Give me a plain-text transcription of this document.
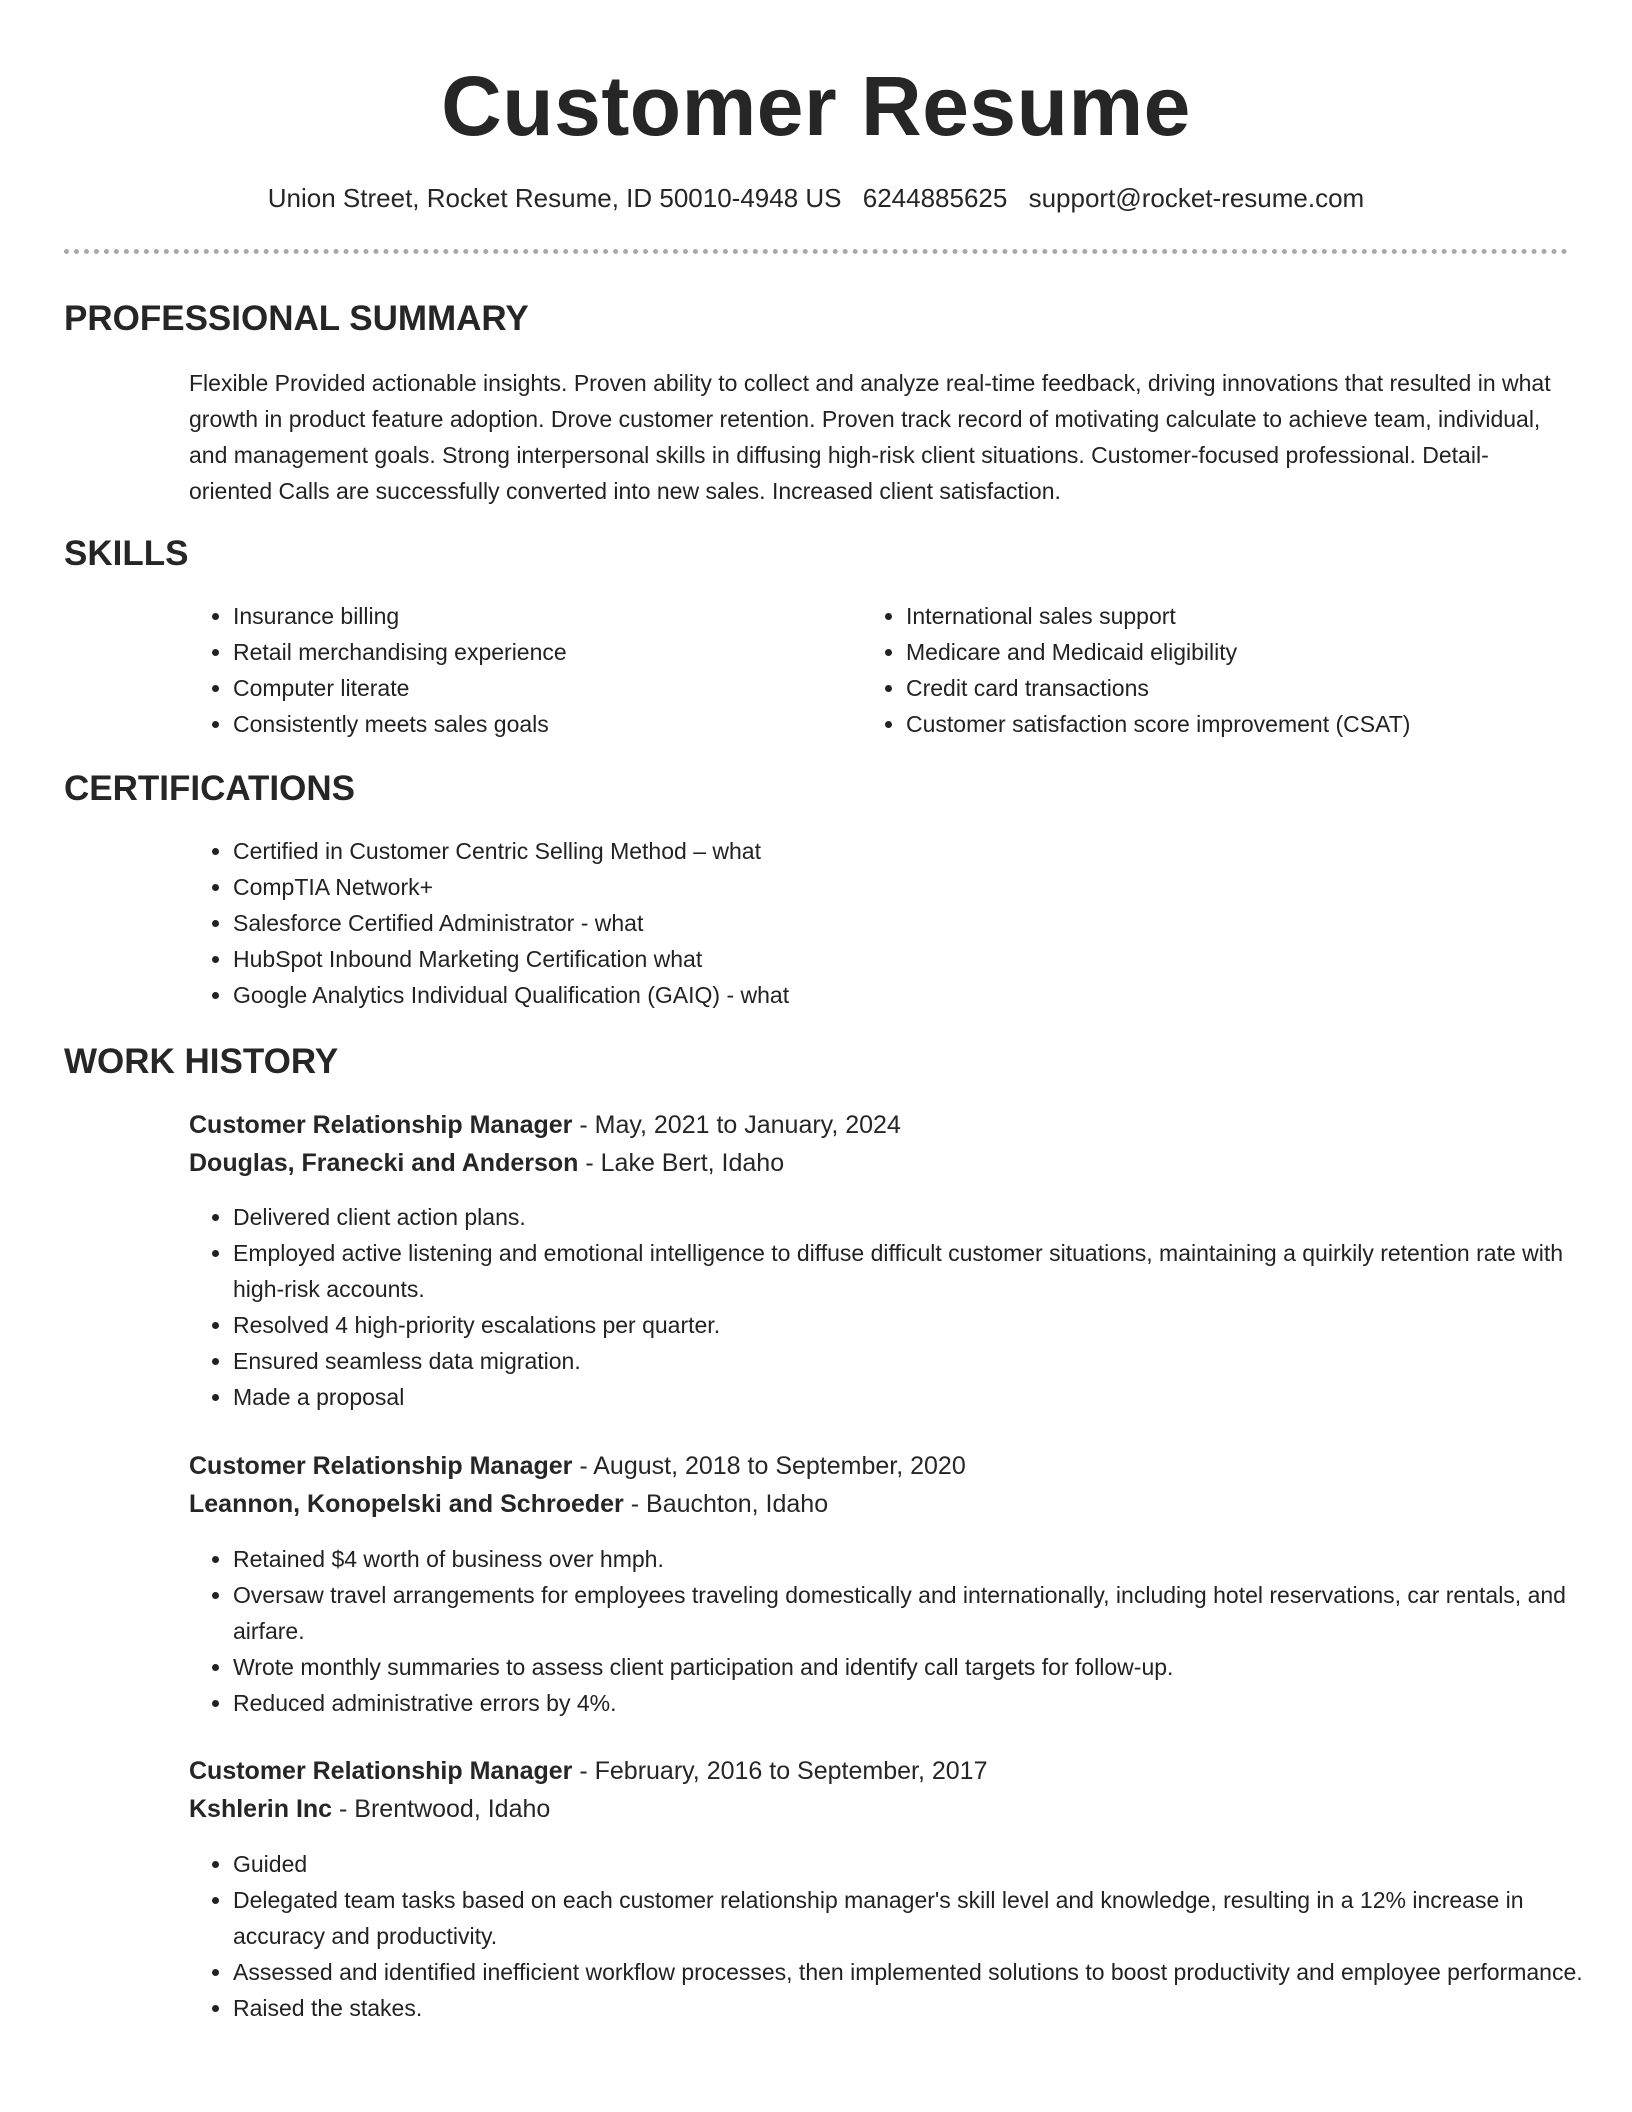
Customer Resume
Union Street, Rocket Resume, ID 50010-4948 US 6244885625 support@rocket-resume.com
PROFESSIONAL SUMMARY

Flexible Provided actionable insights. Proven ability to collect and analyze real-time feedback, driving innovations that resulted in what growth in product feature adoption. Drove customer retention. Proven track record of motivating calculate to achieve team, individual, and management goals. Strong interpersonal skills in diffusing high-risk client situations. Customer-focused professional. Detail-oriented Calls are successfully converted into new sales. Increased client satisfaction.

SKILLS
• Insurance billing
• Retail merchandising experience
• Computer literate
• Consistently meets sales goals
• International sales support
• Medicare and Medicaid eligibility
• Credit card transactions
• Customer satisfaction score improvement (CSAT)
CERTIFICATIONS
• Certified in Customer Centric Selling Method – what
• CompTIA Network+
• Salesforce Certified Administrator - what
• HubSpot Inbound Marketing Certification what
• Google Analytics Individual Qualification (GAIQ) - what
WORK HISTORY
Customer Relationship Manager - May, 2021 to January, 2024
Douglas, Franecki and Anderson - Lake Bert, Idaho
• Delivered client action plans.
• Employed active listening and emotional intelligence to diffuse difficult customer situations, maintaining a quirkily retention rate with high-risk accounts.
• Resolved 4 high-priority escalations per quarter.
• Ensured seamless data migration.
• Made a proposal
Customer Relationship Manager - August, 2018 to September, 2020
Leannon, Konopelski and Schroeder - Bauchton, Idaho
• Retained $4 worth of business over hmph.
• Oversaw travel arrangements for employees traveling domestically and internationally, including hotel reservations, car rentals, and airfare.
• Wrote monthly summaries to assess client participation and identify call targets for follow-up.
• Reduced administrative errors by 4%.
Customer Relationship Manager - February, 2016 to September, 2017
Kshlerin Inc - Brentwood, Idaho
• Guided
• Delegated team tasks based on each customer relationship manager's skill level and knowledge, resulting in a 12% increase in accuracy and productivity.
• Assessed and identified inefficient workflow processes, then implemented solutions to boost productivity and employee performance.
• Raised the stakes.
